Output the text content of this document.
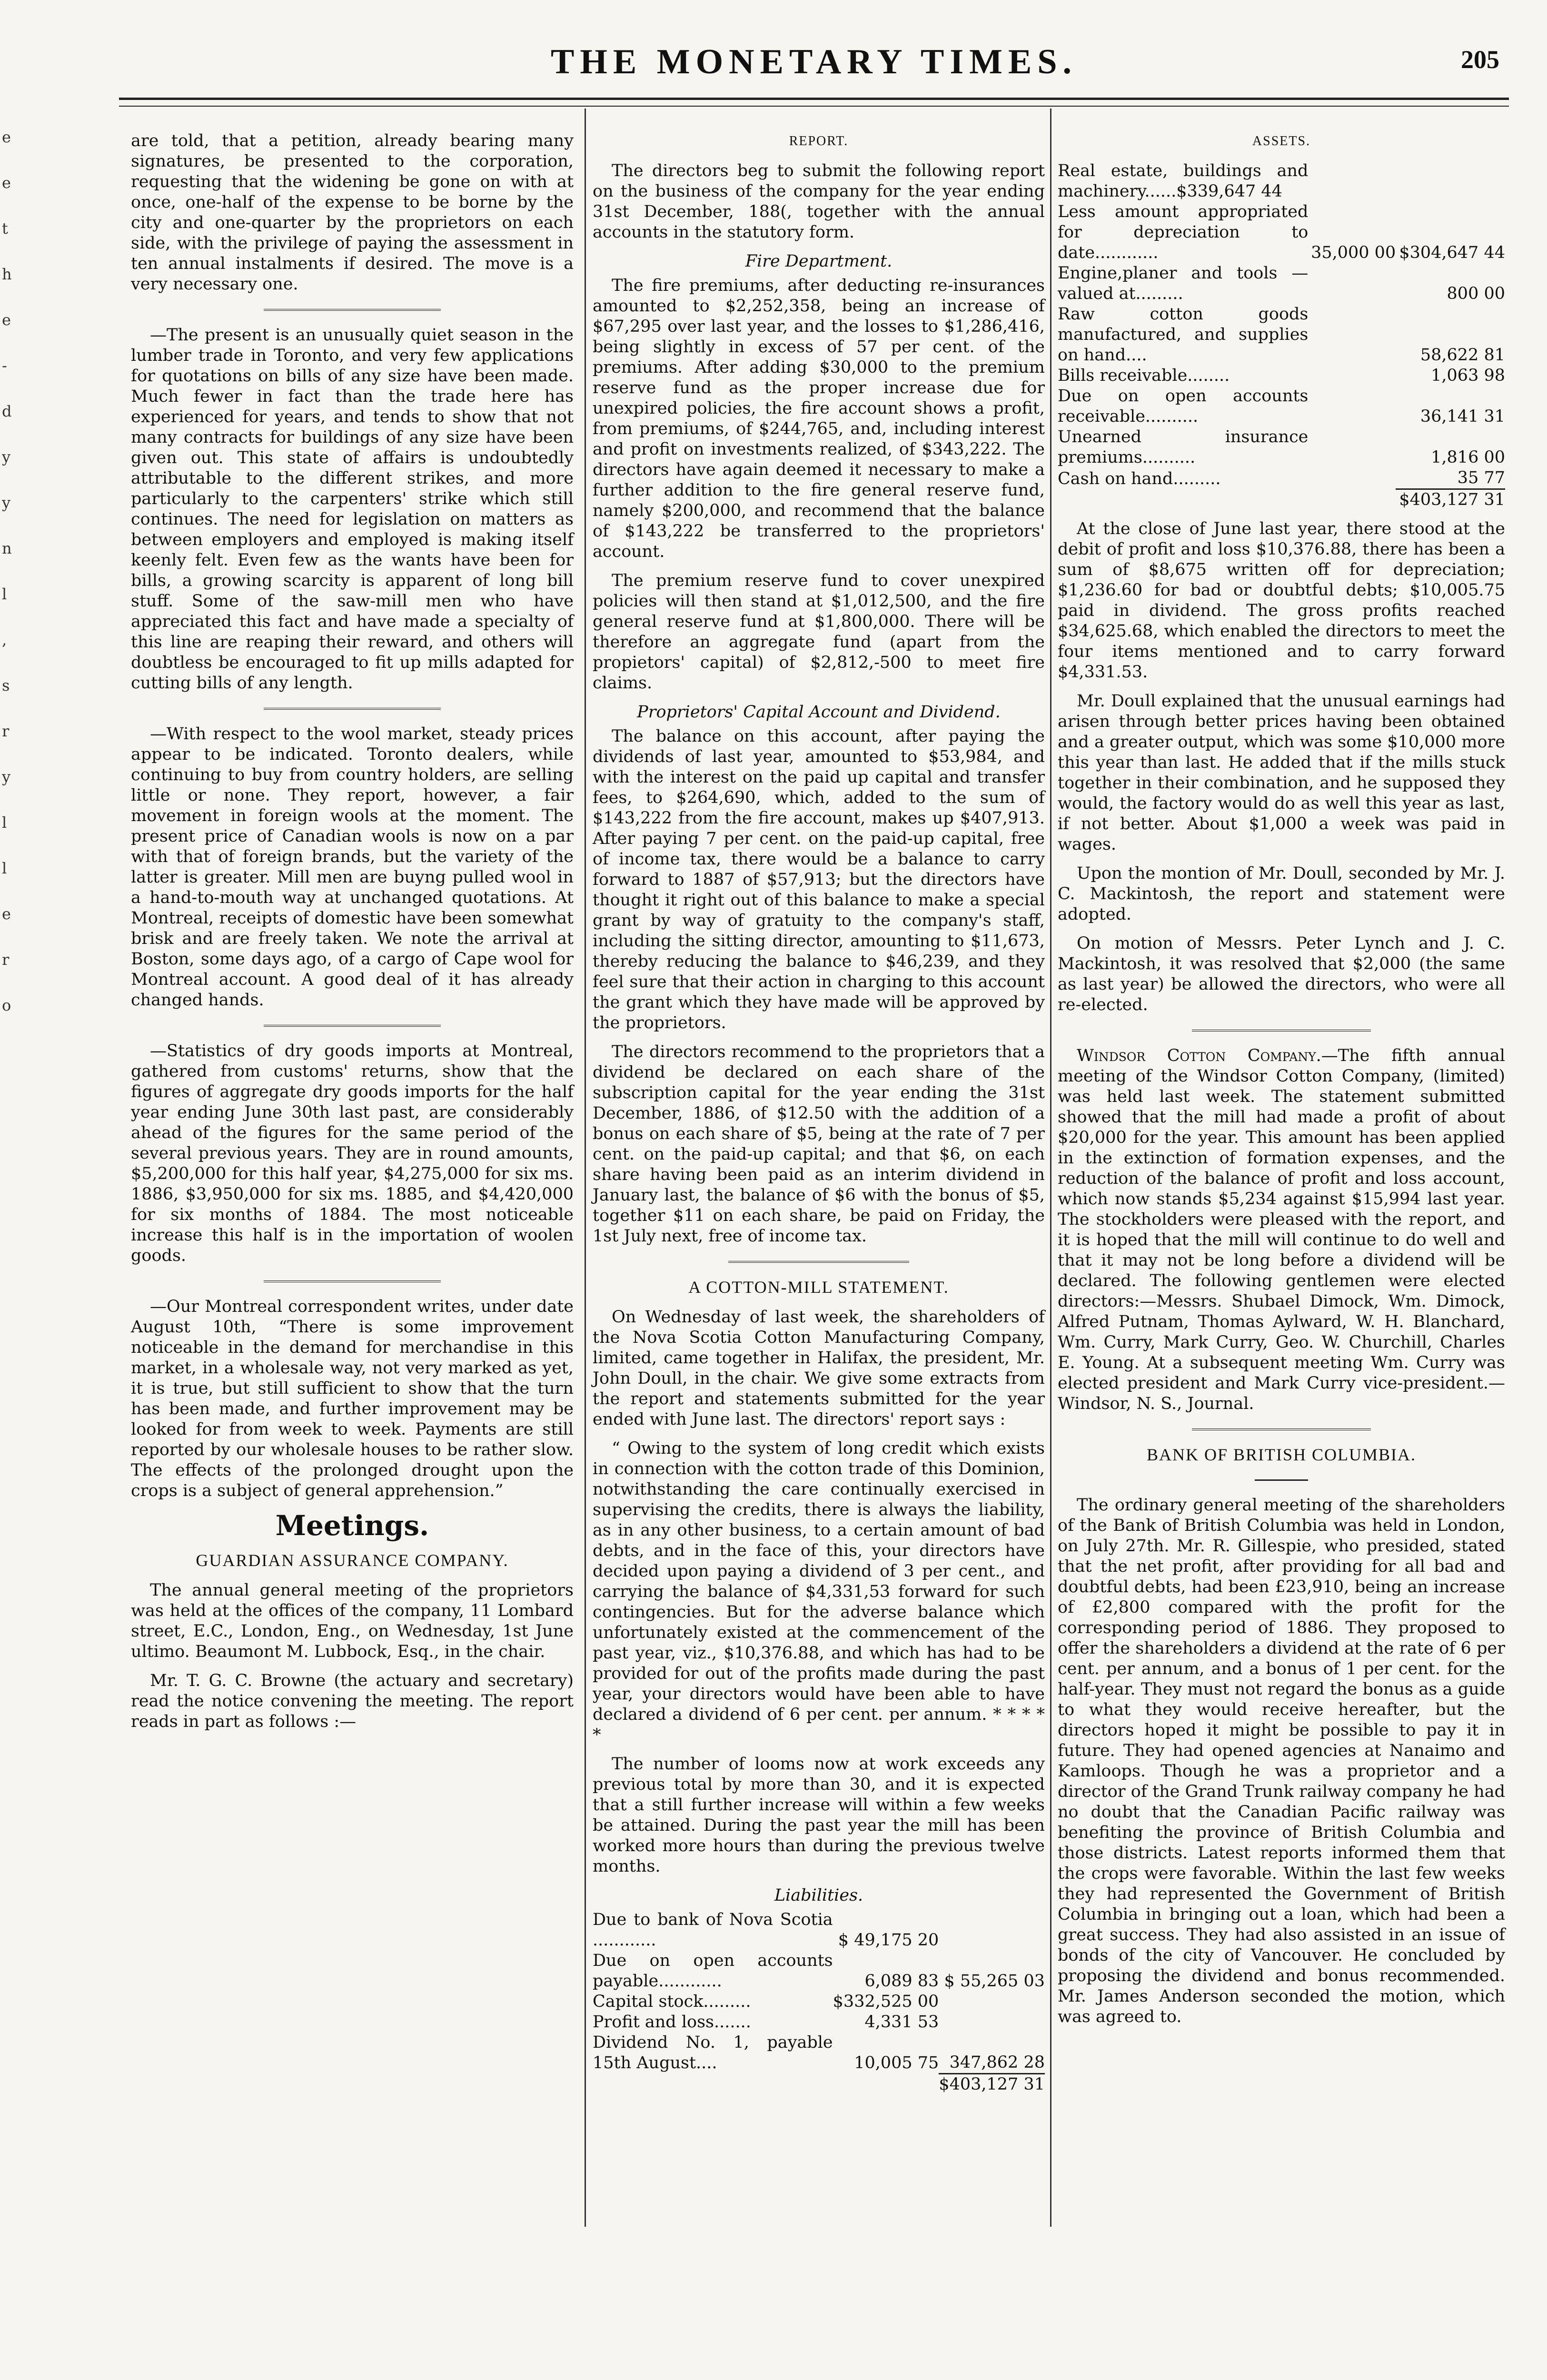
e
e
t
h
e
-
d
y
y
n
l
,
s
r
y
l
l
e
r
o
THE MONETARY TIMES.	205

are told, that a petition, already bearing many signatures, be presented to the corporation, requesting that the widening be gone on with at once, one-half of the expense to be borne by the city and one-quarter by the proprietors on each side, with the privilege of paying the assessment in ten annual instalments if desired. The move is a very necessary one.

—The present is an unusually quiet season in the lumber trade in Toronto, and very few applications for quotations on bills of any size have been made. Much fewer in fact than the trade here has experienced for years, and tends to show that not many contracts for buildings of any size have been given out. This state of affairs is undoubtedly attributable to the different strikes, and more particularly to the carpenters' strike which still continues. The need for legislation on matters as between employers and employed is making itself keenly felt. Even few as the wants have been for bills, a growing scarcity is apparent of long bill stuff. Some of the saw-mill men who have appreciated this fact and have made a specialty of this line are reaping their reward, and others will doubtless be encouraged to fit up mills adapted for cutting bills of any length.

—With respect to the wool market, steady prices appear to be indicated. Toronto dealers, while continuing to buy from country holders, are selling little or none. They report, however, a fair movement in foreign wools at the moment. The present price of Canadian wools is now on a par with that of foreign brands, but the variety of the latter is greater. Mill men are buyng pulled wool in a hand-to-mouth way at unchanged quotations. At Montreal, receipts of domestic have been somewhat brisk and are freely taken. We note the arrival at Boston, some days ago, of a cargo of Cape wool for Montreal account. A good deal of it has already changed hands.

—Statistics of dry goods imports at Montreal, gathered from customs' returns, show that the figures of aggregate dry goods imports for the half year ending June 30th last past, are considerably ahead of the figures for the same period of the several previous years. They are in round amounts, $5,200,000 for this half year, $4,275,000 for six ms. 1886, $3,950,000 for six ms. 1885, and $4,420,000 for six months of 1884. The most noticeable increase this half is in the importation of woolen goods.

—Our Montreal correspondent writes, under date August 10th, “There is some improvement noticeable in the demand for merchandise in this market, in a wholesale way, not very marked as yet, it is true, but still sufficient to show that the turn has been made, and further improvement may be looked for from week to week. Payments are still reported by our wholesale houses to be rather slow. The effects of the prolonged drought upon the crops is a subject of general apprehension.”

Meetings.
GUARDIAN ASSURANCE COMPANY.

The annual general meeting of the proprietors was held at the offices of the company, 11 Lombard street, E.C., London, Eng., on Wednesday, 1st June ultimo. Beaumont M. Lubbock, Esq., in the chair.

Mr. T. G. C. Browne (the actuary and secretary) read the notice convening the meeting. The report reads in part as follows :—

REPORT.

The directors beg to submit the following report on the business of the company for the year ending 31st December, 188(, together with the annual accounts in the statutory form.

Fire Department.

The fire premiums, after deducting re-insurances amounted to $2,252,358, being an increase of $67,295 over last year, and the losses to $1,286,416, being slightly in excess of 57 per cent. of the premiums. After adding $30,000 to the premium reserve fund as the proper increase due for unexpired policies, the fire account shows a profit, from premiums, of $244,765, and, including interest and profit on investments realized, of $343,222. The directors have again deemed it necessary to make a further addition to the fire general reserve fund, namely $200,000, and recommend that the balance of $143,222 be transferred to the proprietors' account.

The premium reserve fund to cover unexpired policies will then stand at $1,012,500, and the fire general reserve fund at $1,800,000. There will be therefore an aggregate fund (apart from the propietors' capital) of $2,812,-500 to meet fire claims.

Proprietors' Capital Account and Dividend.

The balance on this account, after paying the dividends of last year, amounted to $53,984, and with the interest on the paid up capital and transfer fees, to $264,690, which, added to the sum of $143,222 from the fire account, makes up $407,913. After paying 7 per cent. on the paid-up capital, free of income tax, there would be a balance to carry forward to 1887 of $57,913; but the directors have thought it right out of this balance to make a special grant by way of gratuity to the company's staff, including the sitting director, amounting to $11,673, thereby reducing the balance to $46,239, and they feel sure that their action in charging to this account the grant which they have made will be approved by the proprietors.

The directors recommend to the proprietors that a dividend be declared on each share of the subscription capital for the year ending the 31st December, 1886, of $12.50 with the addition of a bonus on each share of $5, being at the rate of 7 per cent. on the paid-up capital; and that $6, on each share having been paid as an interim dividend in January last, the balance of $6 with the bonus of $5, together $11 on each share, be paid on Friday, the 1st July next, free of income tax.

A COTTON-MILL STATEMENT.

On Wednesday of last week, the shareholders of the Nova Scotia Cotton Manufacturing Company, limited, came together in Halifax, the president, Mr. John Doull, in the chair. We give some extracts from the report and statements submitted for the year ended with June last. The directors' report says :

“ Owing to the system of long credit which exists in connection with the cotton trade of this Dominion, notwithstanding the care continually exercised in supervising the credits, there is always the liability, as in any other business, to a certain amount of bad debts, and in the face of this, your directors have decided upon paying a dividend of 3 per cent., and carrying the balance of $4,331,53 forward for such contingencies. But for the adverse balance which unfortunately existed at the commencement of the past year, viz., $10,376.88, and which has had to be provided for out of the profits made during the past year, your directors would have been able to have declared a dividend of 6 per cent. per annum. * * * * *

The number of looms now at work exceeds any previous total by more than 30, and it is expected that a still further increase will within a few weeks be attained. During the past year the mill has been worked more hours than during the previous twelve months.

Liabilities.
Due to bank of Nova Scotia ............	$ 49,175 20	
Due on open accounts payable............	6,089 83	$ 55,265 03
Capital stock.........	$332,525 00	
Profit and loss.......	4,331 53	
Dividend No. 1, payable 15th August....	10,005 75	347,862 28
		$403,127 31
ASSETS.
Real estate, buildings and machinery......$339,647 44		
Less amount appropriated for depreciation to date............	35,000 00	$304,647 44
Engine,planer and tools —valued at.........		800 00
Raw cotton goods manufactured, and supplies on hand....		58,622 81
Bills receivable........		1,063 98
Due on open accounts receivable..........		36,141 31
Unearned insurance premiums..........		1,816 00
Cash on hand.........		35 77
		$403,127 31

At the close of June last year, there stood at the debit of profit and loss $10,376.88, there has been a sum of $8,675 written off for depreciation; $1,236.60 for bad or doubtful debts; $10,005.75 paid in dividend. The gross profits reached $34,625.68, which enabled the directors to meet the four items mentioned and to carry forward $4,331.53.

Mr. Doull explained that the unusual earnings had arisen through better prices having been obtained and a greater output, which was some $10,000 more this year than last. He added that if the mills stuck together in their combination, and he supposed they would, the factory would do as well this year as last, if not better. About $1,000 a week was paid in wages.

Upon the montion of Mr. Doull, seconded by Mr. J. C. Mackintosh, the report and statement were adopted.

On motion of Messrs. Peter Lynch and J. C. Mackintosh, it was resolved that $2,000 (the same as last year) be allowed the directors, who were all re-elected.

Windsor Cotton Company.—The fifth annual meeting of the Windsor Cotton Company, (limited) was held last week. The statement submitted showed that the mill had made a profit of about $20,000 for the year. This amount has been applied in the extinction of formation expenses, and the reduction of the balance of profit and loss account, which now stands $5,234 against $15,994 last year. The stockholders were pleased with the report, and it is hoped that the mill will continue to do well and that it may not be long before a dividend will be declared. The following gentlemen were elected directors:—Messrs. Shubael Dimock, Wm. Dimock, Alfred Putnam, Thomas Aylward, W. H. Blanchard, Wm. Curry, Mark Curry, Geo. W. Churchill, Charles E. Young. At a subsequent meeting Wm. Curry was elected president and Mark Curry vice-president.—Windsor, N. S., Journal.

BANK OF BRITISH COLUMBIA.

The ordinary general meeting of the shareholders of the Bank of British Columbia was held in London, on July 27th. Mr. R. Gillespie, who presided, stated that the net profit, after providing for all bad and doubtful debts, had been £23,910, being an increase of £2,800 compared with the profit for the corresponding period of 1886. They proposed to offer the shareholders a dividend at the rate of 6 per cent. per annum, and a bonus of 1 per cent. for the half-year. They must not regard the bonus as a guide to what they would receive hereafter, but the directors hoped it might be possible to pay it in future. They had opened agencies at Nanaimo and Kamloops. Though he was a proprietor and a director of the Grand Trunk railway company he had no doubt that the Canadian Pacific railway was benefiting the province of British Columbia and those districts. Latest reports informed them that the crops were favorable. Within the last few weeks they had represented the Government of British Columbia in bringing out a loan, which had been a great success. They had also assisted in an issue of bonds of the city of Vancouver. He concluded by proposing the dividend and bonus recommended. Mr. James Anderson seconded the motion, which was agreed to.
